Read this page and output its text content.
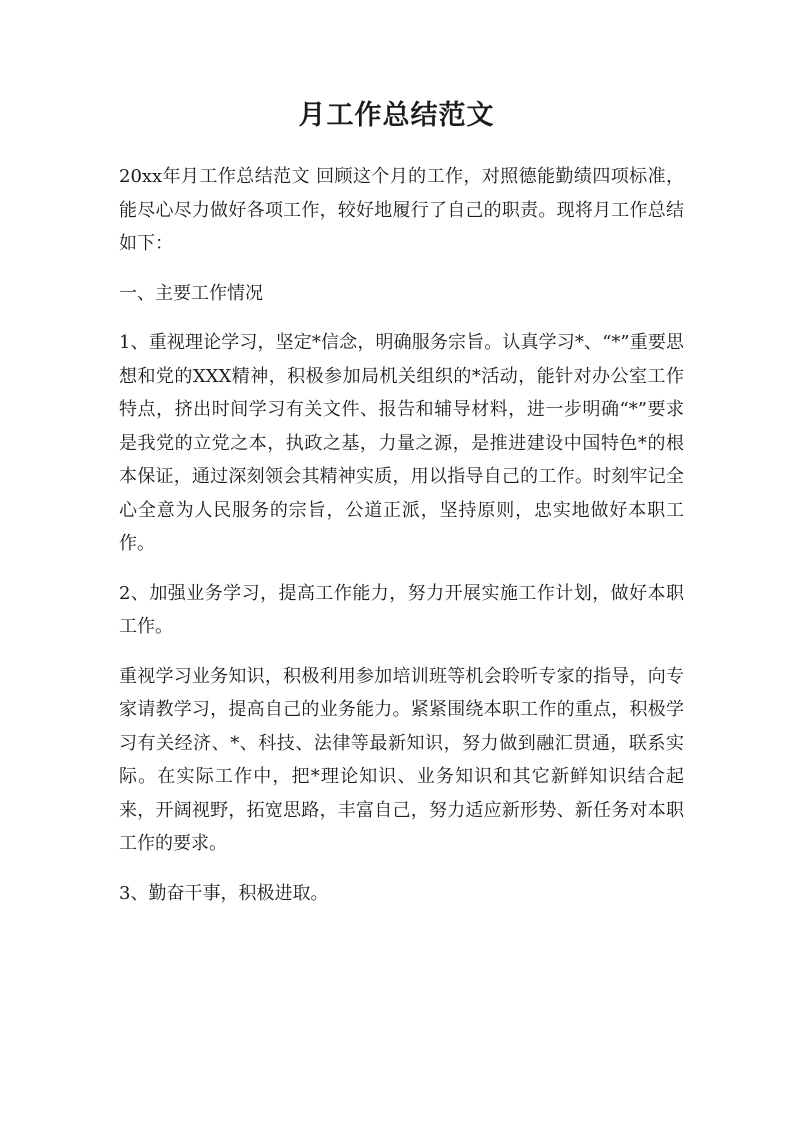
月工作总结范文

20xx年月工作总结范文 回顾这个月的工作，对照德能勤绩四项标准，能尽心尽力做好各项工作，较好地履行了自己的职责。现将月工作总结如下：

一、主要工作情况

1、重视理论学习，坚定*信念，明确服务宗旨。认真学习*、“*”重要思想和党的XXX精神，积极参加局机关组织的*活动，能针对办公室工作特点，挤出时间学习有关文件、报告和辅导材料，进一步明确“*”要求是我党的立党之本，执政之基，力量之源，是推进建设中国特色*的根本保证，通过深刻领会其精神实质，用以指导自己的工作。时刻牢记全心全意为人民服务的宗旨，公道正派，坚持原则，忠实地做好本职工作。

2、加强业务学习，提高工作能力，努力开展实施工作计划，做好本职工作。

重视学习业务知识，积极利用参加培训班等机会聆听专家的指导，向专家请教学习，提高自己的业务能力。紧紧围绕本职工作的重点，积极学习有关经济、*、科技、法律等最新知识，努力做到融汇贯通，联系实际。在实际工作中，把*理论知识、业务知识和其它新鲜知识结合起来，开阔视野，拓宽思路，丰富自己，努力适应新形势、新任务对本职工作的要求。

3、勤奋干事，积极进取。
